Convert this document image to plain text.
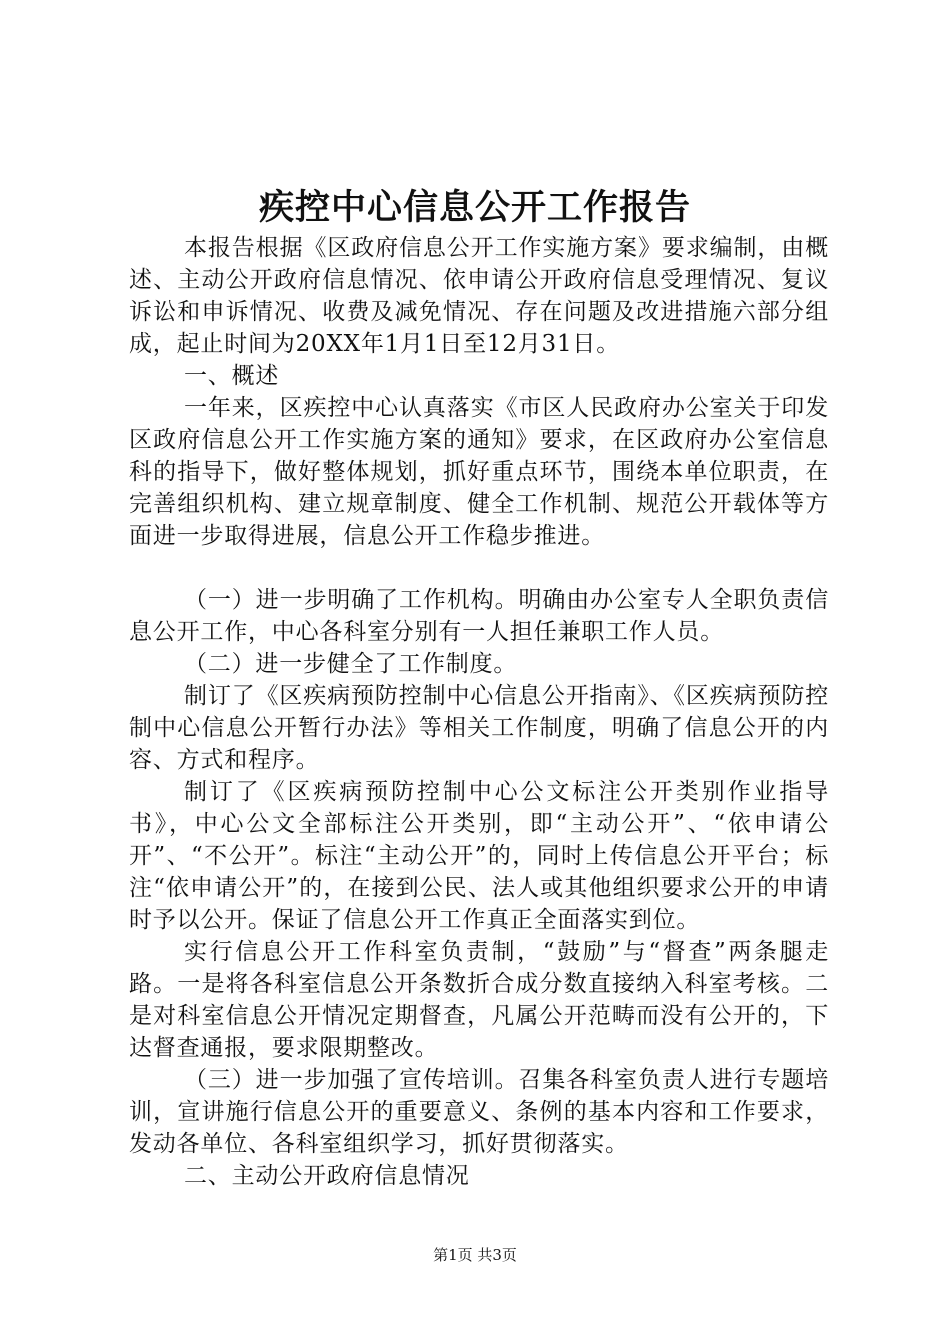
疾控中心信息公开工作报告

本报告根据《区政府信息公开工作实施方案》要求编制，由概述、主动公开政府信息情况、依申请公开政府信息受理情况、复议诉讼和申诉情况、收费及减免情况、存在问题及改进措施六部分组成，起止时间为20XX年1月1日至12月31日。

一、概述

一年来，区疾控中心认真落实《市区人民政府办公室关于印发区政府信息公开工作实施方案的通知》要求，在区政府办公室信息科的指导下，做好整体规划，抓好重点环节，围绕本单位职责，在完善组织机构、建立规章制度、健全工作机制、规范公开载体等方面进一步取得进展，信息公开工作稳步推进。

（一）进一步明确了工作机构。明确由办公室专人全职负责信息公开工作，中心各科室分别有一人担任兼职工作人员。

（二）进一步健全了工作制度。

制订了《区疾病预防控制中心信息公开指南》、《区疾病预防控制中心信息公开暂行办法》等相关工作制度，明确了信息公开的内容、方式和程序。

制订了《区疾病预防控制中心公文标注公开类别作业指导书》，中心公文全部标注公开类别，即“主动公开”、“依申请公开”、“不公开”。标注“主动公开”的，同时上传信息公开平台；标注“依申请公开”的，在接到公民、法人或其他组织要求公开的申请时予以公开。保证了信息公开工作真正全面落实到位。

实行信息公开工作科室负责制，“鼓励”与“督查”两条腿走路。一是将各科室信息公开条数折合成分数直接纳入科室考核。二是对科室信息公开情况定期督查，凡属公开范畴而没有公开的，下达督查通报，要求限期整改。

（三）进一步加强了宣传培训。召集各科室负责人进行专题培训，宣讲施行信息公开的重要意义、条例的基本内容和工作要求，发动各单位、各科室组织学习，抓好贯彻落实。

二、主动公开政府信息情况

第1页 共3页
